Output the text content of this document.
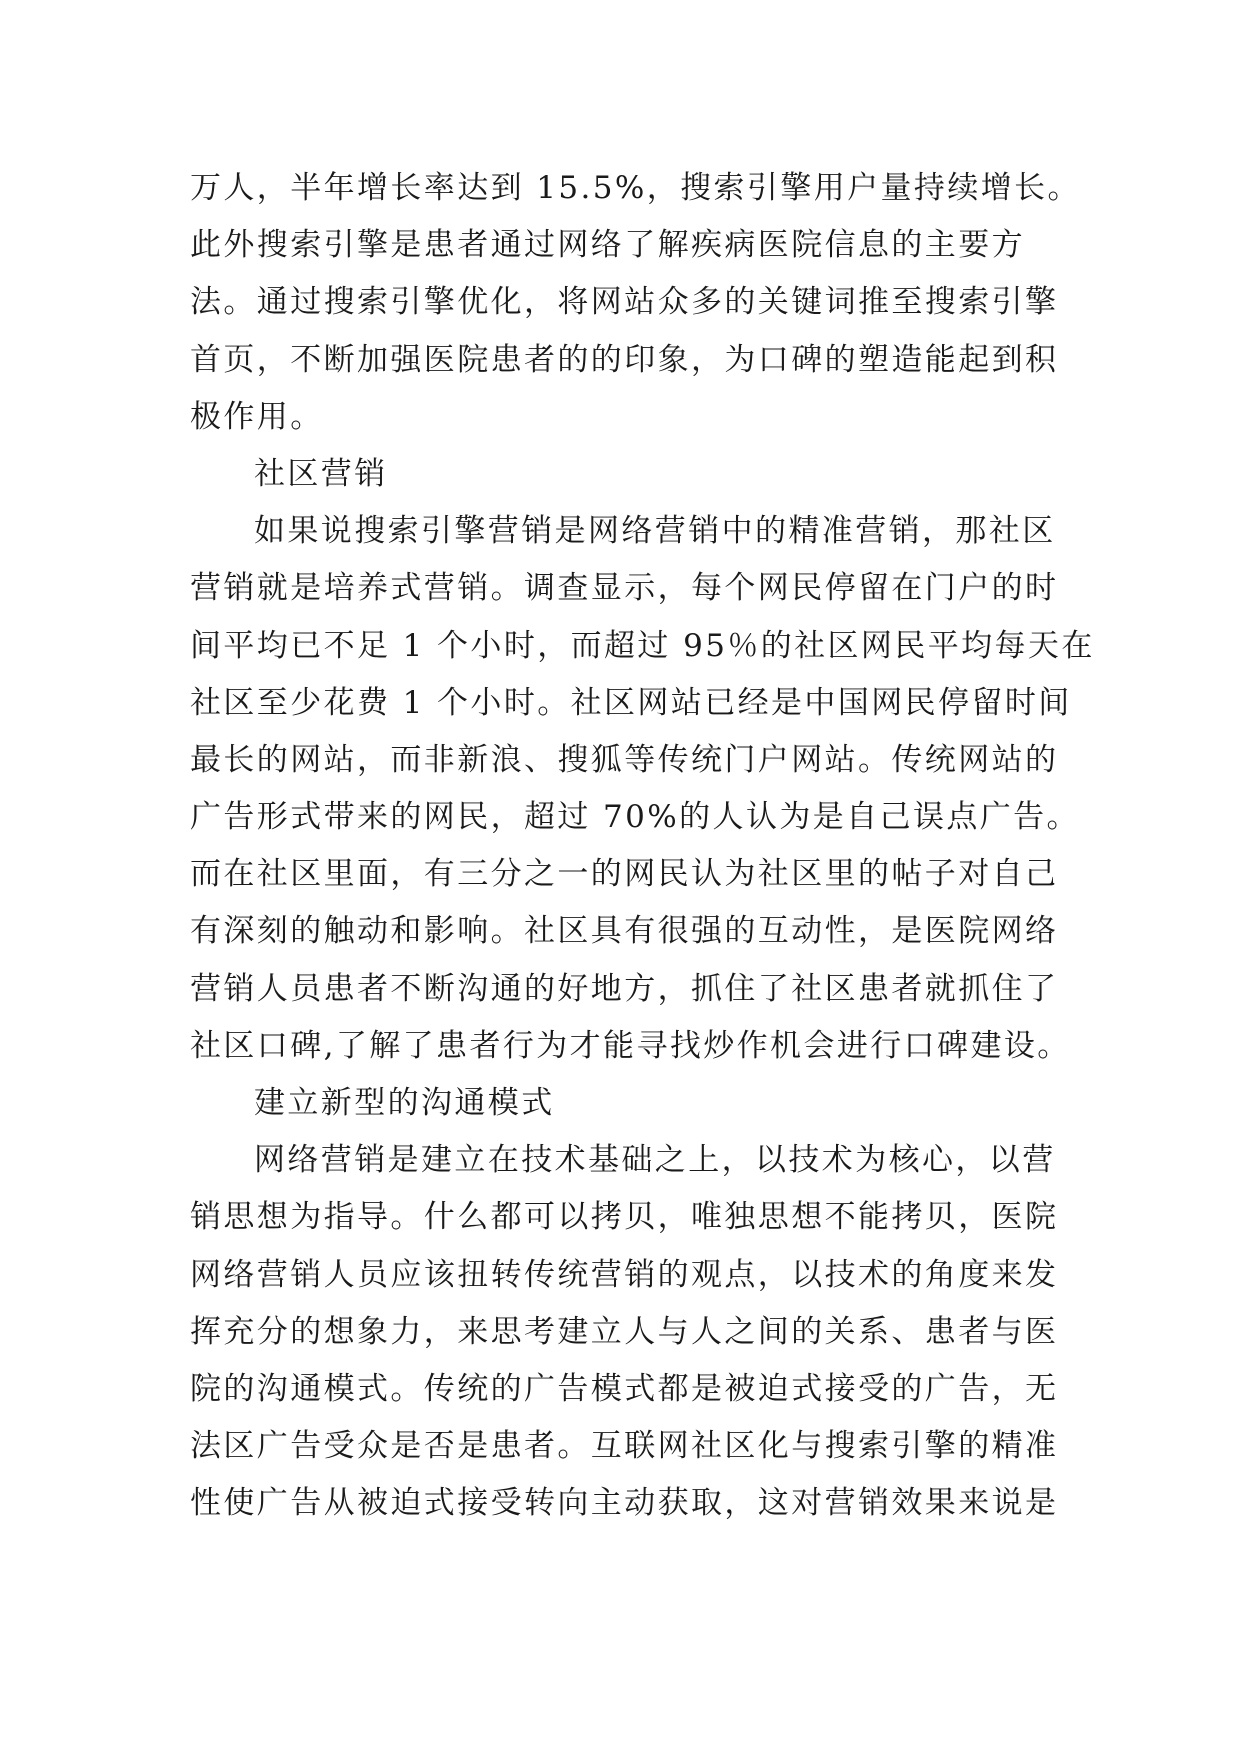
万人，半年增长率达到 15.5%，搜索引擎用户量持续增长。
此外搜索引擎是患者通过网络了解疾病医院信息的主要方
法。通过搜索引擎优化，将网站众多的关键词推至搜索引擎
首页，不断加强医院患者的的印象，为口碑的塑造能起到积
极作用。
社区营销
如果说搜索引擎营销是网络营销中的精准营销，那社区
营销就是培养式营销。调查显示，每个网民停留在门户的时
间平均已不足 1 个小时，而超过 95％的社区网民平均每天在
社区至少花费 1 个小时。社区网站已经是中国网民停留时间
最长的网站，而非新浪、搜狐等传统门户网站。传统网站的
广告形式带来的网民，超过 70%的人认为是自己误点广告。
而在社区里面，有三分之一的网民认为社区里的帖子对自己
有深刻的触动和影响。社区具有很强的互动性，是医院网络
营销人员患者不断沟通的好地方，抓住了社区患者就抓住了
社区口碑,了解了患者行为才能寻找炒作机会进行口碑建设。
建立新型的沟通模式
网络营销是建立在技术基础之上，以技术为核心，以营
销思想为指导。什么都可以拷贝，唯独思想不能拷贝，医院
网络营销人员应该扭转传统营销的观点，以技术的角度来发
挥充分的想象力，来思考建立人与人之间的关系、患者与医
院的沟通模式。传统的广告模式都是被迫式接受的广告，无
法区广告受众是否是患者。互联网社区化与搜索引擎的精准
性使广告从被迫式接受转向主动获取，这对营销效果来说是
